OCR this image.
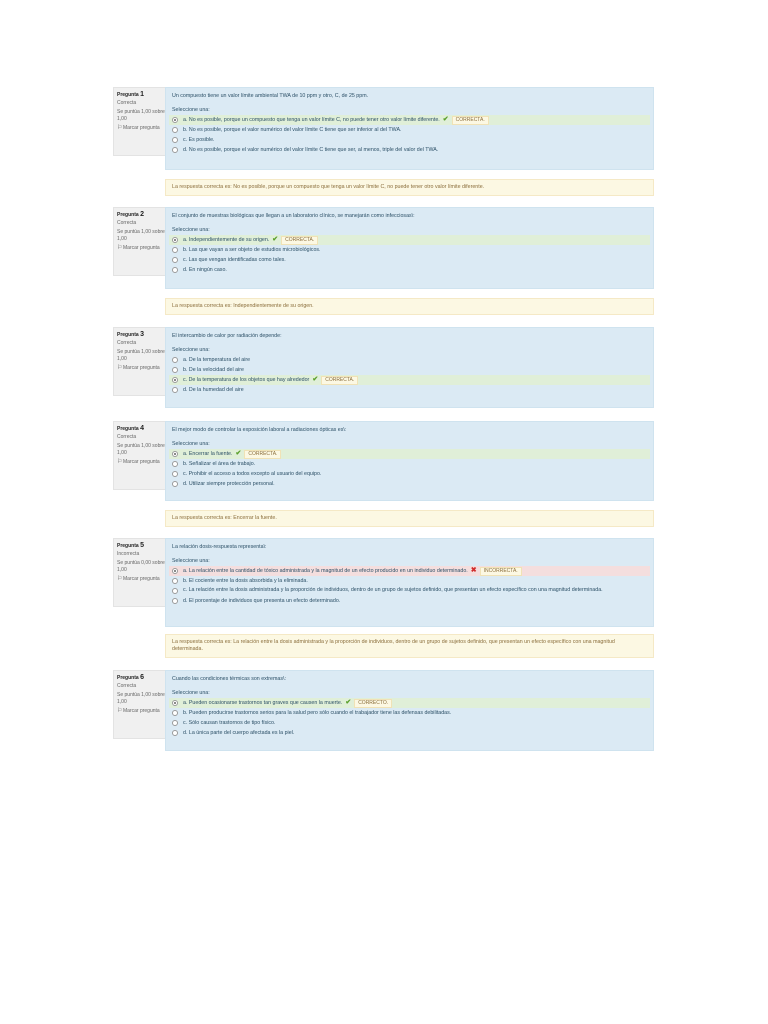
Pregunta 1
Correcta
Se puntúa 1,00 sobre 1,00
⚐Marcar pregunta
Un compuesto tiene un valor límite ambiental TWA de 10 ppm y otro, C, de 25 ppm.
Seleccione una:
a. No es posible, porque un compuesto que tenga un valor límite C, no puede tener otro valor límite diferente. ✔ CORRECTA.
b. No es posible, porque el valor numérico del valor límite C tiene que ser inferior al del TWA.
c. Es posible.
d. No es posible, porque el valor numérico del valor límite C tiene que ser, al menos, triple del valor del TWA.
La respuesta correcta es: No es posible, porque un compuesto que tenga un valor límite C, no puede tener otro valor límite diferente.
Pregunta 2
Correcta
Se puntúa 1,00 sobre 1,00
⚐Marcar pregunta
El conjunto de muestras biológicas que llegan a un laboratorio clínico, se manejarán como infecciosas\:
Seleccione una:
a. Independientemente de su origen. ✔ CORRECTA.
b. Las que vayan a ser objeto de estudios microbiológicos.
c. Las que vengan identificadas como tales.
d. En ningún caso.
La respuesta correcta es: Independientemente de su origen.
Pregunta 3
Correcta
Se puntúa 1,00 sobre 1,00
⚐Marcar pregunta
El intercambio de calor por radiación depende:
Seleccione una:
a. De la temperatura del aire
b. De la velocidad del aire
c. De la temperatura de los objetos que hay alrededor ✔ CORRECTA.
d. De la humedad del aire
Pregunta 4
Correcta
Se puntúa 1,00 sobre 1,00
⚐Marcar pregunta
El mejor modo de controlar la exposición laboral a radiaciones ópticas es\:
Seleccione una:
a. Encerrar la fuente. ✔ CORRECTA.
b. Señalizar el área de trabajo.
c. Prohibir el acceso a todos excepto al usuario del equipo.
d. Utilizar siempre protección personal.
La respuesta correcta es: Encerrar la fuente.
Pregunta 5
Incorrecta
Se puntúa 0,00 sobre 1,00
⚐Marcar pregunta
La relación dosis-respuesta representa\:
Seleccione una:
a. La relación entre la cantidad de tóxico administrada y la magnitud de un efecto producido en un individuo determinado. ✖ INCORRECTA.
b. El cociente entre la dosis absorbida y la eliminada.
c. La relación entre la dosis administrada y la proporción de individuos, dentro de un grupo de sujetos definido, que presentan un efecto específico con una magnitud determinada.
d. El porcentaje de individuos que presenta un efecto determinado.
La respuesta correcta es: La relación entre la dosis administrada y la proporción de individuos, dentro de un grupo de sujetos definido, que presentan un efecto específico con una magnitud determinada.
Pregunta 6
Correcta
Se puntúa 1,00 sobre 1,00
⚐Marcar pregunta
Cuando las condiciones térmicas son extremas\:
Seleccione una:
a. Pueden ocasionarse trastornos tan graves que causen la muerte. ✔ CORRECTO.
b. Pueden producirse trastornos serios para la salud pero sólo cuando el trabajador tiene las defensas debilitadas.
c. Sólo causan trastornos de tipo físico.
d. La única parte del cuerpo afectada es la piel.
